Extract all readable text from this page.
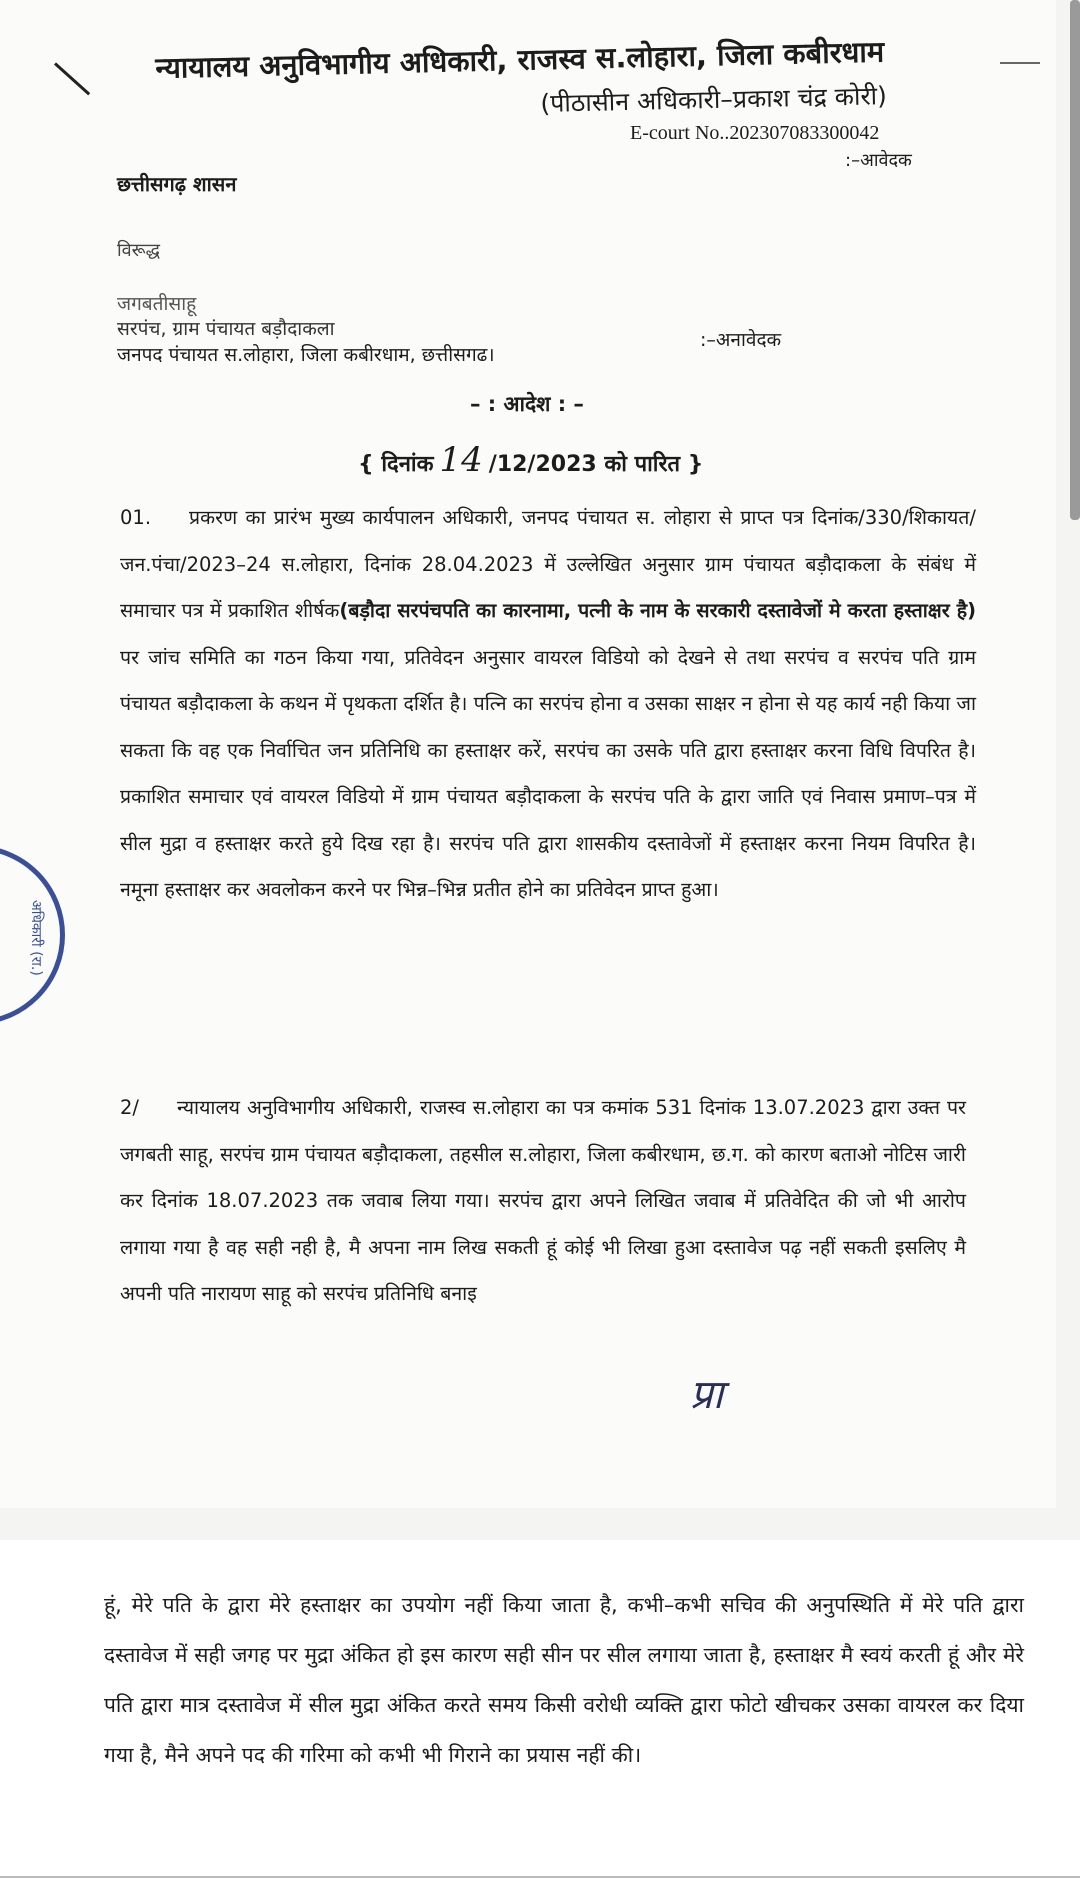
न्यायालय अनुविभागीय अधिकारी, राजस्व स.लोहारा, जिला कबीरधाम
(पीठासीन अधिकारी–प्रकाश चंद्र कोरी)
E-court No..202307083300042
:–आवेदक
छत्तीसगढ़ शासन
विरूद्ध
जगबतीसाहू
सरपंच, ग्राम पंचायत बड़ौदाकला
जनपद पंचायत स.लोहारा, जिला कबीरधाम, छत्तीसगढ।
:–अनावेदक
– : आदेश : –
{ दिनांक 14 /12/2023 को पारित }

01. प्रकरण का प्रारंभ मुख्य कार्यपालन अधिकारी, जनपद पंचायत स. लोहारा से प्राप्त पत्र दिनांक/330/शिकायत/जन.पंचा/2023–24 स.लोहारा, दिनांक 28.04.2023 में उल्लेखित अनुसार ग्राम पंचायत बड़ौदाकला के संबंध में समाचार पत्र में प्रकाशित शीर्षक(बड़ौदा सरपंचपति का कारनामा, पत्नी के नाम के सरकारी दस्तावेजों मे करता हस्ताक्षर है) पर जांच समिति का गठन किया गया, प्रतिवेदन अनुसार वायरल विडियो को देखने से तथा सरपंच व सरपंच पति ग्राम पंचायत बड़ौदाकला के कथन में पृथकता दर्शित है। पत्नि का सरपंच होना व उसका साक्षर न होना से यह कार्य नही किया जा सकता कि वह एक निर्वाचित जन प्रतिनिधि का हस्ताक्षर करें, सरपंच का उसके पति द्वारा हस्ताक्षर करना विधि विपरित है। प्रकाशित समाचार एवं वायरल विडियो में ग्राम पंचायत बड़ौदाकला के सरपंच पति के द्वारा जाति एवं निवास प्रमाण–पत्र में सील मुद्रा व हस्ताक्षर करते हुये दिख रहा है। सरपंच पति द्वारा शासकीय दस्तावेजों में हस्ताक्षर करना नियम विपरित है। नमूना हस्ताक्षर कर अवलोकन करने पर भिन्न–भिन्न प्रतीत होने का प्रतिवेदन प्राप्त हुआ।

2/ न्यायालय अनुविभागीय अधिकारी, राजस्व स.लोहारा का पत्र कमांक 531 दिनांक 13.07.2023 द्वारा उक्त पर जगबती साहू, सरपंच ग्राम पंचायत बड़ौदाकला, तहसील स.लोहारा, जिला कबीरधाम, छ.ग. को कारण बताओ नोटिस जारी कर दिनांक 18.07.2023 तक जवाब लिया गया। सरपंच द्वारा अपने लिखित जवाब में प्रतिवेदित की जो भी आरोप लगाया गया है वह सही नही है, मै अपना नाम लिख सकती हूं कोई भी लिखा हुआ दस्तावेज पढ़ नहीं सकती इसलिए मै अपनी पति नारायण साहू को सरपंच प्रतिनिधि बनाइ

प्रा
अधिकारी (रा.)

हूं, मेरे पति के द्वारा मेरे हस्ताक्षर का उपयोग नहीं किया जाता है, कभी–कभी सचिव की अनुपस्थिति में मेरे पति द्वारा दस्तावेज में सही जगह पर मुद्रा अंकित हो इस कारण सही सीन पर सील लगाया जाता है, हस्ताक्षर मै स्वयं करती हूं और मेरे पति द्वारा मात्र दस्तावेज में सील मुद्रा अंकित करते समय किसी वरोधी व्यक्ति द्वारा फोटो खीचकर उसका वायरल कर दिया गया है, मैने अपने पद की गरिमा को कभी भी गिराने का प्रयास नहीं की।
